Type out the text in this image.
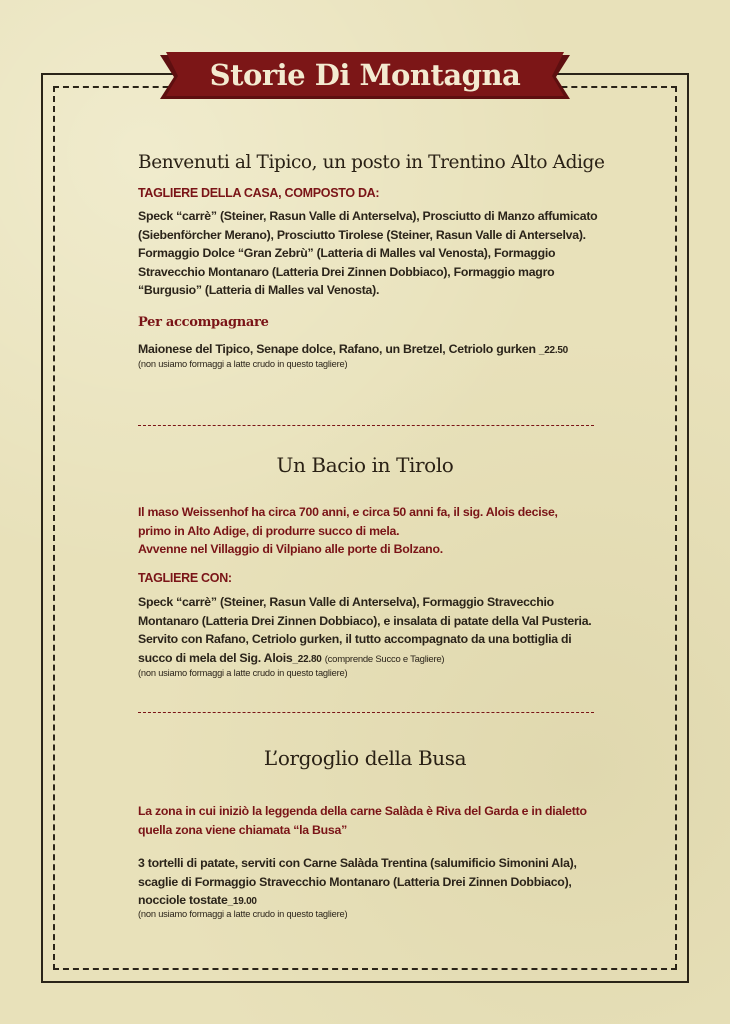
Storie Di Montagna
Benvenuti al Tipico, un posto in Trentino Alto Adige
TAGLIERE DELLA CASA, COMPOSTO DA:
Speck “carrè” (Steiner, Rasun Valle di Anterselva), Prosciutto di Manzo affumicato (Siebenförcher Merano), Prosciutto Tirolese (Steiner, Rasun Valle di Anterselva). Formaggio Dolce “Gran Zebrù” (Latteria di Malles val Venosta), Formaggio Stravecchio Montanaro (Latteria Drei Zinnen Dobbiaco), Formaggio magro “Burgusio” (Latteria di Malles val Venosta).
Per accompagnare
Maionese del Tipico, Senape dolce, Rafano, un Bretzel, Cetriolo gurken _22.50
(non usiamo formaggi a latte crudo in questo tagliere)
Un Bacio in Tirolo
Il maso Weissenhof ha circa 700 anni, e circa 50 anni fa, il sig. Alois decise, primo in Alto Adige, di produrre succo di mela.
Avvenne nel Villaggio di Vilpiano alle porte di Bolzano.
TAGLIERE CON:
Speck “carrè” (Steiner, Rasun Valle di Anterselva), Formaggio Stravecchio Montanaro (Latteria Drei Zinnen Dobbiaco), e insalata di patate della Val Pusteria.
Servito con Rafano, Cetriolo gurken, il tutto accompagnato da una bottiglia di succo di mela del Sig. Alois_22.80 (comprende Succo e Tagliere)
(non usiamo formaggi a latte crudo in questo tagliere)
L’orgoglio della Busa
La zona in cui iniziò la leggenda della carne Salàda è Riva del Garda e in dialetto quella zona viene chiamata “la Busa”
3 tortelli di patate, serviti con Carne Salàda Trentina (salumificio Simonini Ala), scaglie di Formaggio Stravecchio Montanaro (Latteria Drei Zinnen Dobbiaco), nocciole tostate_19.00
(non usiamo formaggi a latte crudo in questo tagliere)
